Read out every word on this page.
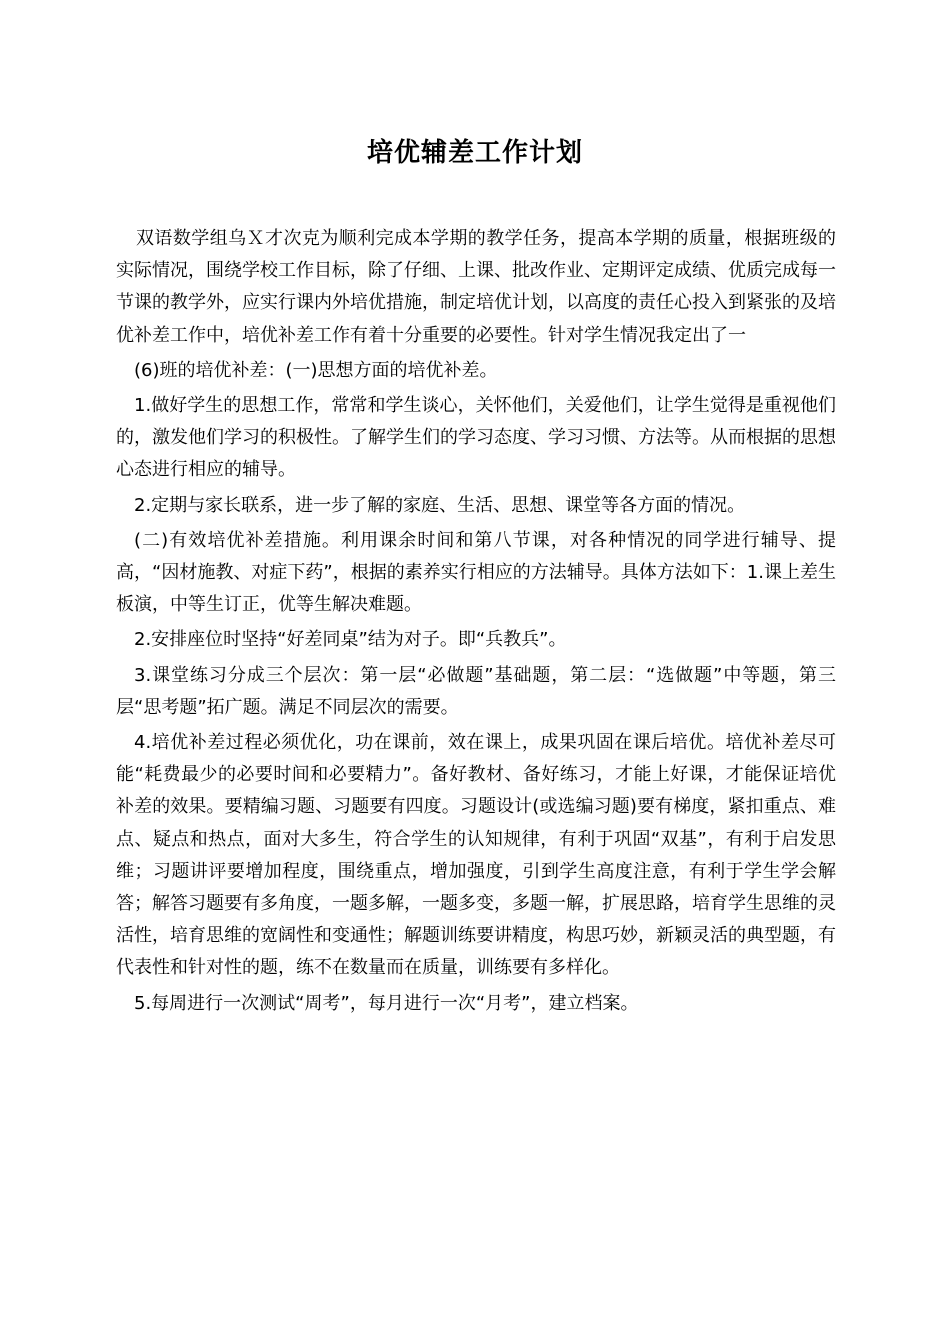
培优辅差工作计划

双语数学组乌Ｘ才次克为顺利完成本学期的教学任务，提高本学期的质量，根据班级的实际情况，围绕学校工作目标，除了仔细、上课、批改作业、定期评定成绩、优质完成每一节课的教学外，应实行课内外培优措施，制定培优计划，以高度的责任心投入到紧张的及培优补差工作中，培优补差工作有着十分重要的必要性。针对学生情况我定出了一

(6)班的培优补差：(一)思想方面的培优补差。

1.做好学生的思想工作，常常和学生谈心，关怀他们，关爱他们，让学生觉得是重视他们的，激发他们学习的积极性。了解学生们的学习态度、学习习惯、方法等。从而根据的思想心态进行相应的辅导。

2.定期与家长联系，进一步了解的家庭、生活、思想、课堂等各方面的情况。

(二)有效培优补差措施。利用课余时间和第八节课，对各种情况的同学进行辅导、提高，“因材施教、对症下药”，根据的素养实行相应的方法辅导。具体方法如下：1.课上差生板演，中等生订正，优等生解决难题。

2.安排座位时坚持“好差同桌”结为对子。即“兵教兵”。

3.课堂练习分成三个层次：第一层“必做题”基础题，第二层：“选做题”中等题，第三层“思考题”拓广题。满足不同层次的需要。

4.培优补差过程必须优化，功在课前，效在课上，成果巩固在课后培优。培优补差尽可能“耗费最少的必要时间和必要精力”。备好教材、备好练习，才能上好课，才能保证培优补差的效果。要精编习题、习题要有四度。习题设计(或选编习题)要有梯度，紧扣重点、难点、疑点和热点，面对大多生，符合学生的认知规律，有利于巩固“双基”，有利于启发思维；习题讲评要增加程度，围绕重点，增加强度，引到学生高度注意，有利于学生学会解答；解答习题要有多角度，一题多解，一题多变，多题一解，扩展思路，培育学生思维的灵活性，培育思维的宽阔性和变通性；解题训练要讲精度，构思巧妙，新颖灵活的典型题，有代表性和针对性的题，练不在数量而在质量，训练要有多样化。

5.每周进行一次测试“周考”，每月进行一次“月考”，建立档案。
